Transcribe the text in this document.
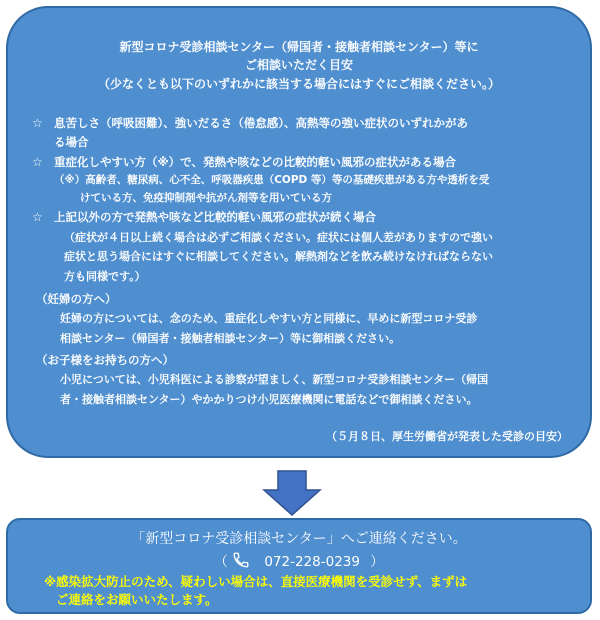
新型コロナ受診相談センター（帰国者・接触者相談センター）等に
ご相談いただく目安
（少なくとも以下のいずれかに該当する場合にはすぐにご相談ください。）
☆ 息苦しさ（呼吸困難）、強いだるさ（倦怠感）、高熱等の強い症状のいずれかがあ
る場合
☆ 重症化しやすい方（※）で、発熱や咳などの比較的軽い風邪の症状がある場合
（※）高齢者、糖尿病、心不全、呼吸器疾患（COPD 等）等の基礎疾患がある方や透析を受
けている方、免疫抑制剤や抗がん剤等を用いている方
☆ 上記以外の方で発熱や咳など比較的軽い風邪の症状が続く場合
（症状が４日以上続く場合は必ずご相談ください。症状には個人差がありますので強い
症状と思う場合にはすぐに相談してください。解熱剤などを飲み続けなければならない
方も同様です。）
（妊婦の方へ）
妊婦の方については、念のため、重症化しやすい方と同様に、早めに新型コロナ受診
相談センター（帰国者・接触者相談センター）等に御相談ください。
（お子様をお持ちの方へ）
小児については、小児科医による診察が望ましく、新型コロナ受診相談センター（帰国
者・接触者相談センター）やかかりつけ小児医療機関に電話などで御相談ください。
（５月８日、厚生労働省が発表した受診の目安）
「新型コロナ受診相談センター」へご連絡ください。
（	072-228-0239 ）
※感染拡大防止のため、疑わしい場合は、直接医療機関を受診せず、まずは
ご連絡をお願いいたします。
